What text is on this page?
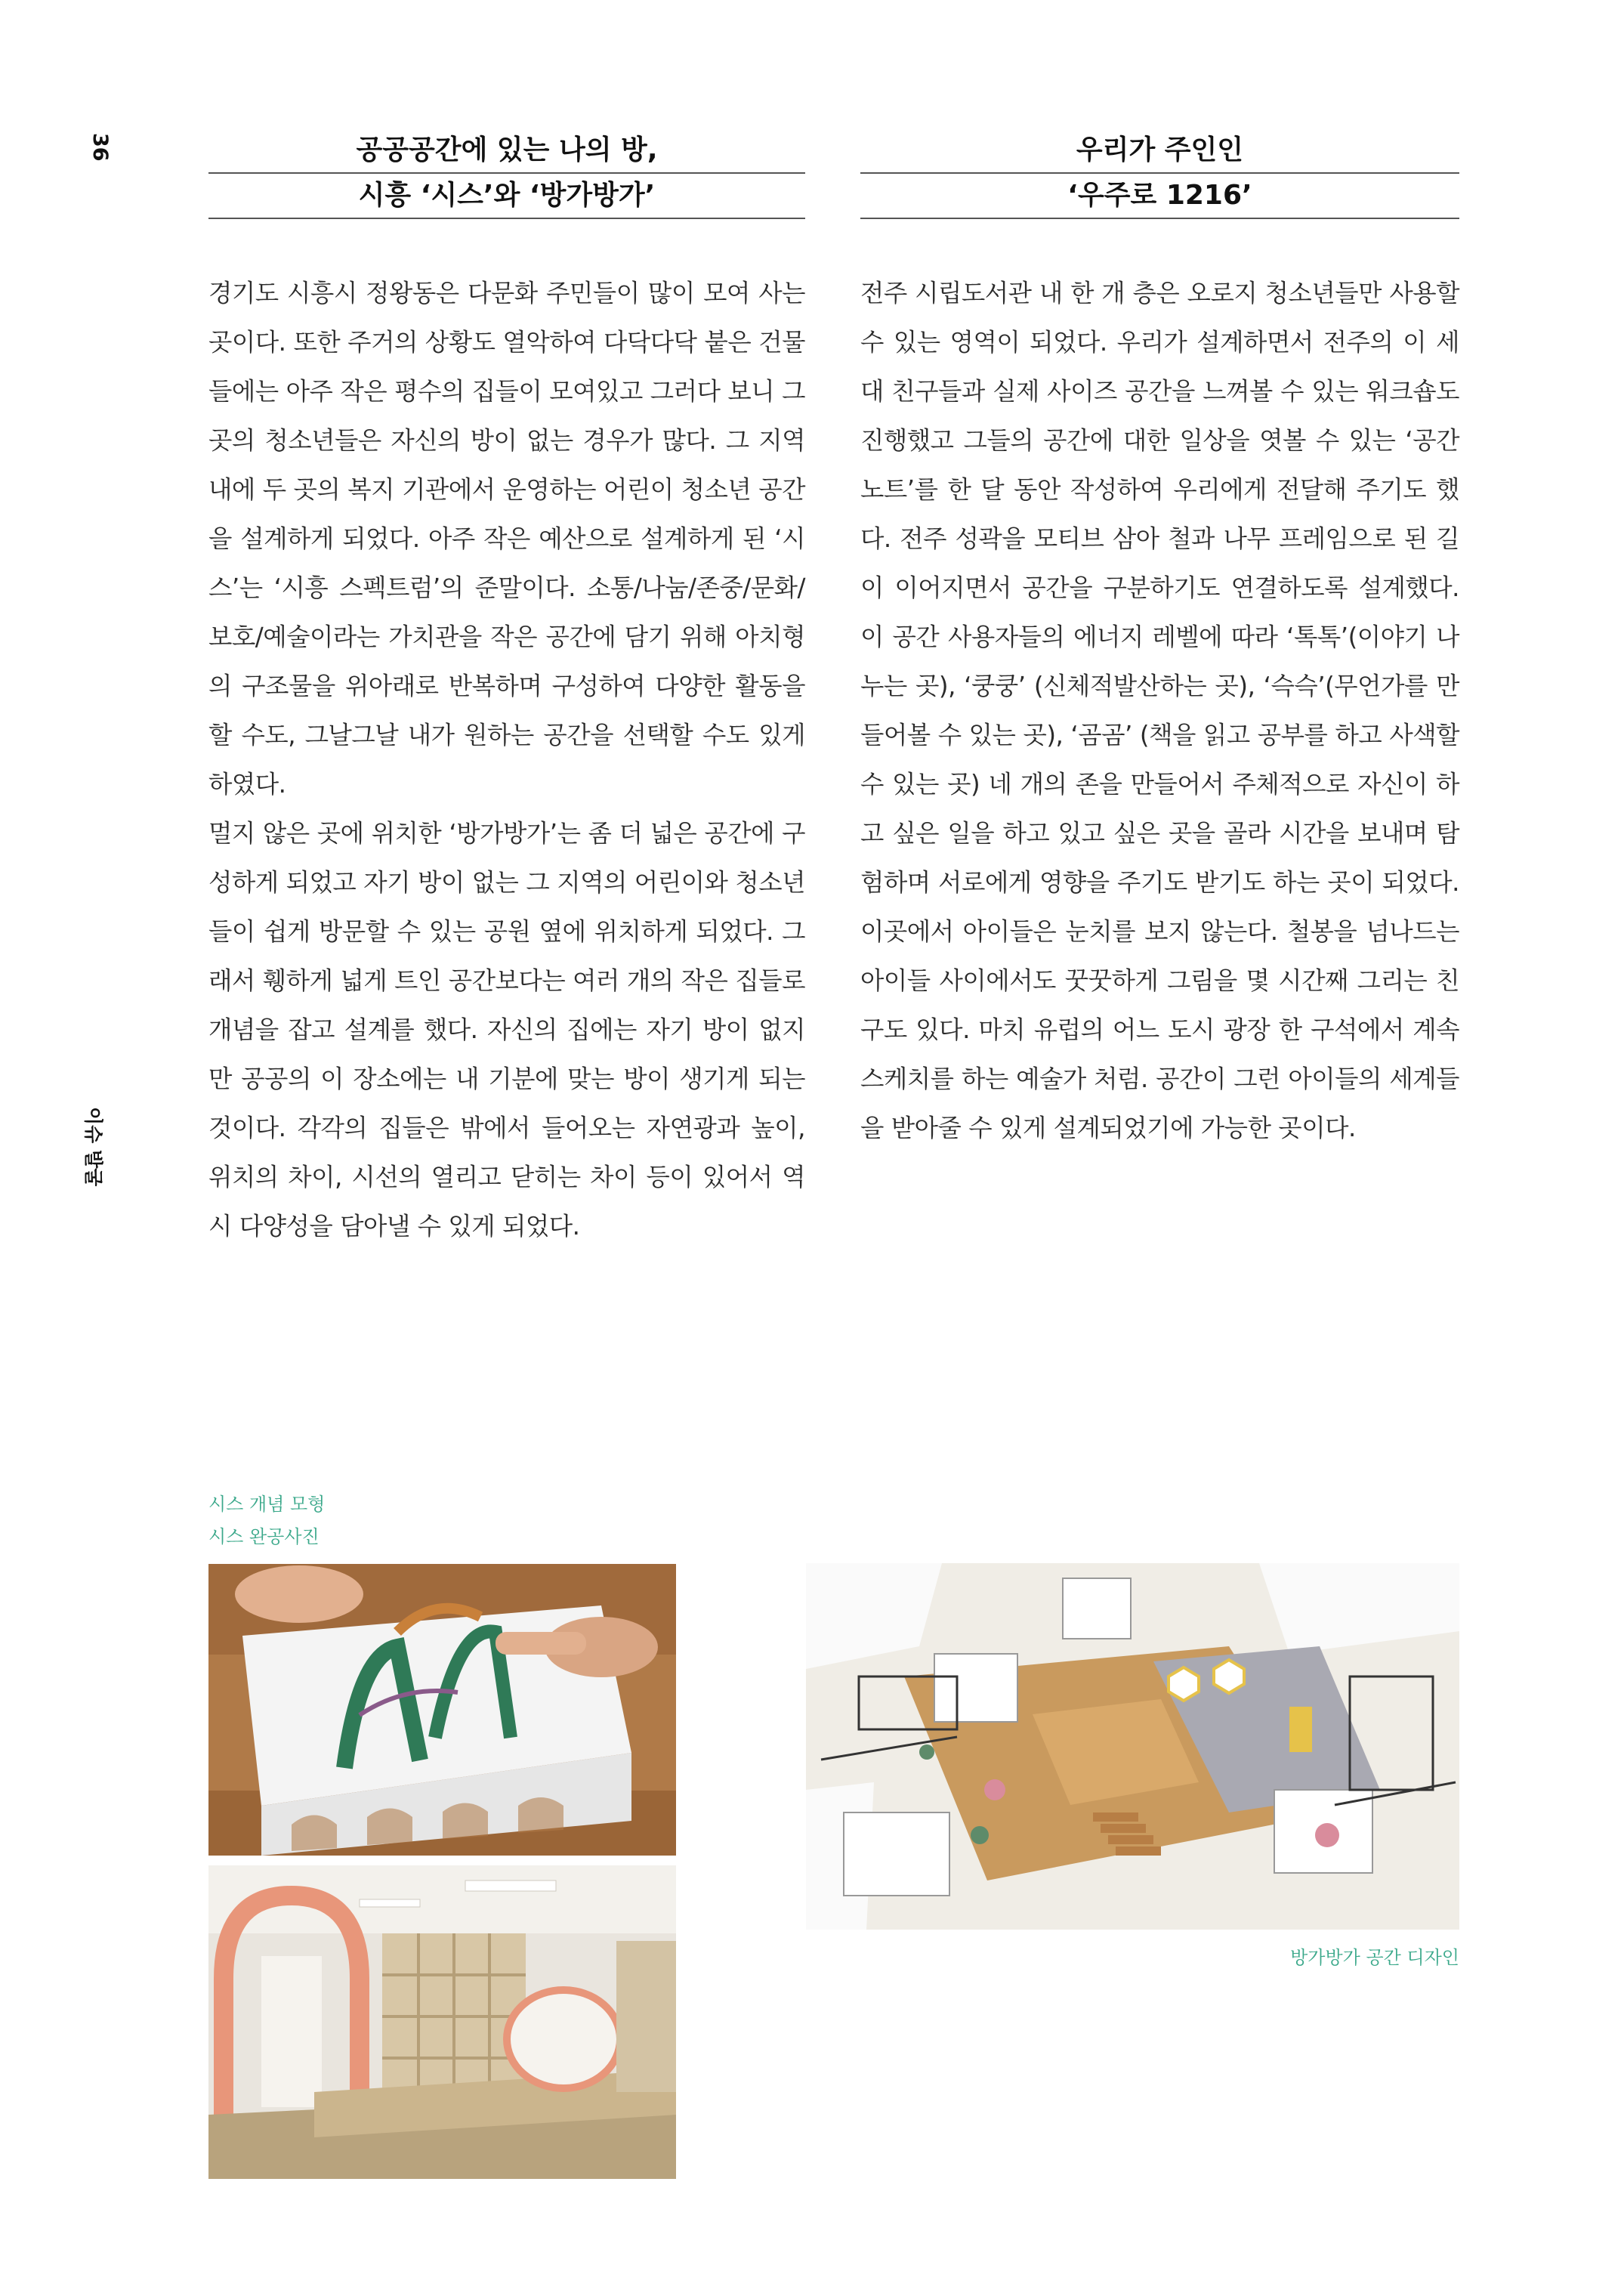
36
이슈 발굴
공공공간에 있는 나의 방,
시흥 ‘시스’와 ‘방가방가’
우리가 주인인
‘우주로 1216’

경기도 시흥시 정왕동은 다문화 주민들이 많이 모여 사는 곳이다. 또한 주거의 상황도 열악하여 다닥다닥 붙은 건물들에는 아주 작은 평수의 집들이 모여있고 그러다 보니 그곳의 청소년들은 자신의 방이 없는 경우가 많다. 그 지역 내에 두 곳의 복지 기관에서 운영하는 어린이 청소년 공간을 설계하게 되었다. 아주 작은 예산으로 설계하게 된 ‘시스’는 ‘시흥 스펙트럼’의 준말이다. 소통/나눔/존중/문화/보호/예술이라는 가치관을 작은 공간에 담기 위해 아치형의 구조물을 위아래로 반복하며 구성하여 다양한 활동을 할 수도, 그날그날 내가 원하는 공간을 선택할 수도 있게 하였다.

멀지 않은 곳에 위치한 ‘방가방가’는 좀 더 넓은 공간에 구성하게 되었고 자기 방이 없는 그 지역의 어린이와 청소년들이 쉽게 방문할 수 있는 공원 옆에 위치하게 되었다. 그래서 휑하게 넓게 트인 공간보다는 여러 개의 작은 집들로 개념을 잡고 설계를 했다. 자신의 집에는 자기 방이 없지만 공공의 이 장소에는 내 기분에 맞는 방이 생기게 되는 것이다. 각각의 집들은 밖에서 들어오는 자연광과 높이, 위치의 차이, 시선의 열리고 닫히는 차이 등이 있어서 역시 다양성을 담아낼 수 있게 되었다.

전주 시립도서관 내 한 개 층은 오로지 청소년들만 사용할 수 있는 영역이 되었다. 우리가 설계하면서 전주의 이 세대 친구들과 실제 사이즈 공간을 느껴볼 수 있는 워크숍도 진행했고 그들의 공간에 대한 일상을 엿볼 수 있는 ‘공간 노트’를 한 달 동안 작성하여 우리에게 전달해 주기도 했다. 전주 성곽을 모티브 삼아 철과 나무 프레임으로 된 길이 이어지면서 공간을 구분하기도 연결하도록 설계했다. 이 공간 사용자들의 에너지 레벨에 따라 ‘톡톡’(이야기 나누는 곳), ‘쿵쿵’ (신체적발산하는 곳), ‘슥슥’(무언가를 만들어볼 수 있는 곳), ‘곰곰’ (책을 읽고 공부를 하고 사색할 수 있는 곳) 네 개의 존을 만들어서 주체적으로 자신이 하고 싶은 일을 하고 있고 싶은 곳을 골라 시간을 보내며 탐험하며 서로에게 영향을 주기도 받기도 하는 곳이 되었다. 이곳에서 아이들은 눈치를 보지 않는다. 철봉을 넘나드는 아이들 사이에서도 꿋꿋하게 그림을 몇 시간째 그리는 친구도 있다. 마치 유럽의 어느 도시 광장 한 구석에서 계속 스케치를 하는 예술가 처럼. 공간이 그런 아이들의 세계들을 받아줄 수 있게 설계되었기에 가능한 곳이다.

시스 개념 모형
시스 완공사진
방가방가 공간 디자인
